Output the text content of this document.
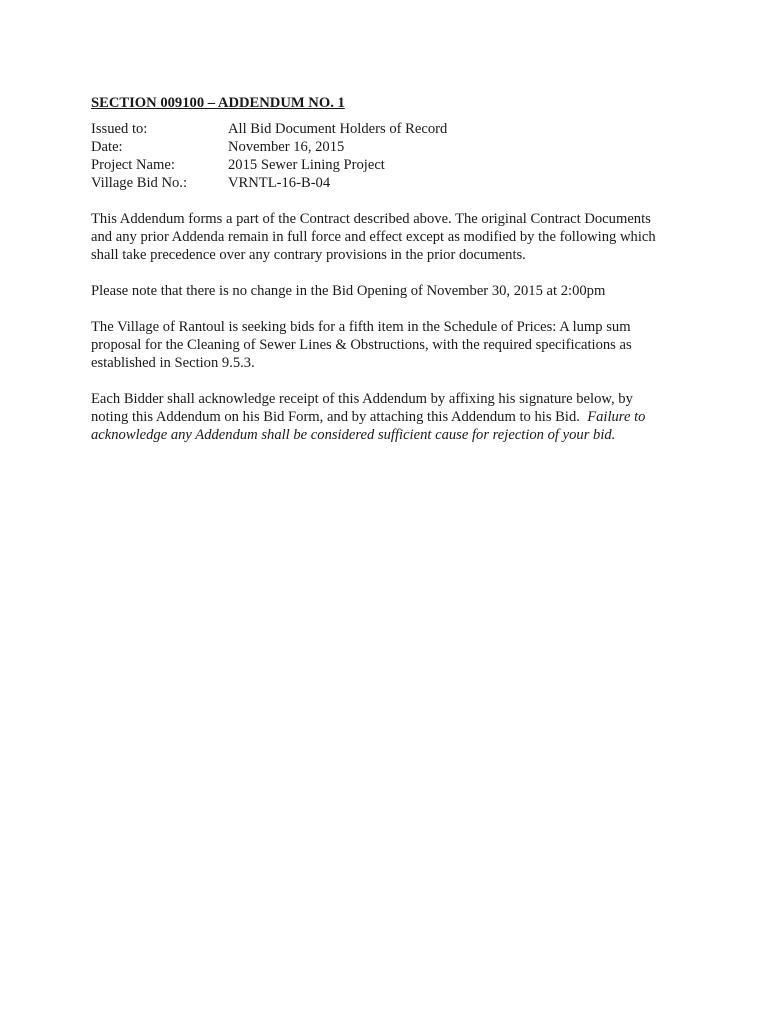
SECTION 009100 – ADDENDUM NO. 1
Issued to:	All Bid Document Holders of Record
Date:	November 16, 2015
Project Name:	2015 Sewer Lining Project
Village Bid No.:	VRNTL-16-B-04
This Addendum forms a part of the Contract described above. The original Contract Documents
and any prior Addenda remain in full force and effect except as modified by the following which
shall take precedence over any contrary provisions in the prior documents.
Please note that there is no change in the Bid Opening of November 30, 2015 at 2:00pm
The Village of Rantoul is seeking bids for a fifth item in the Schedule of Prices: A lump sum
proposal for the Cleaning of Sewer Lines & Obstructions, with the required specifications as
established in Section 9.5.3.
Each Bidder shall acknowledge receipt of this Addendum by affixing his signature below, by
noting this Addendum on his Bid Form, and by attaching this Addendum to his Bid.  Failure to
acknowledge any Addendum shall be considered sufficient cause for rejection of your bid.
